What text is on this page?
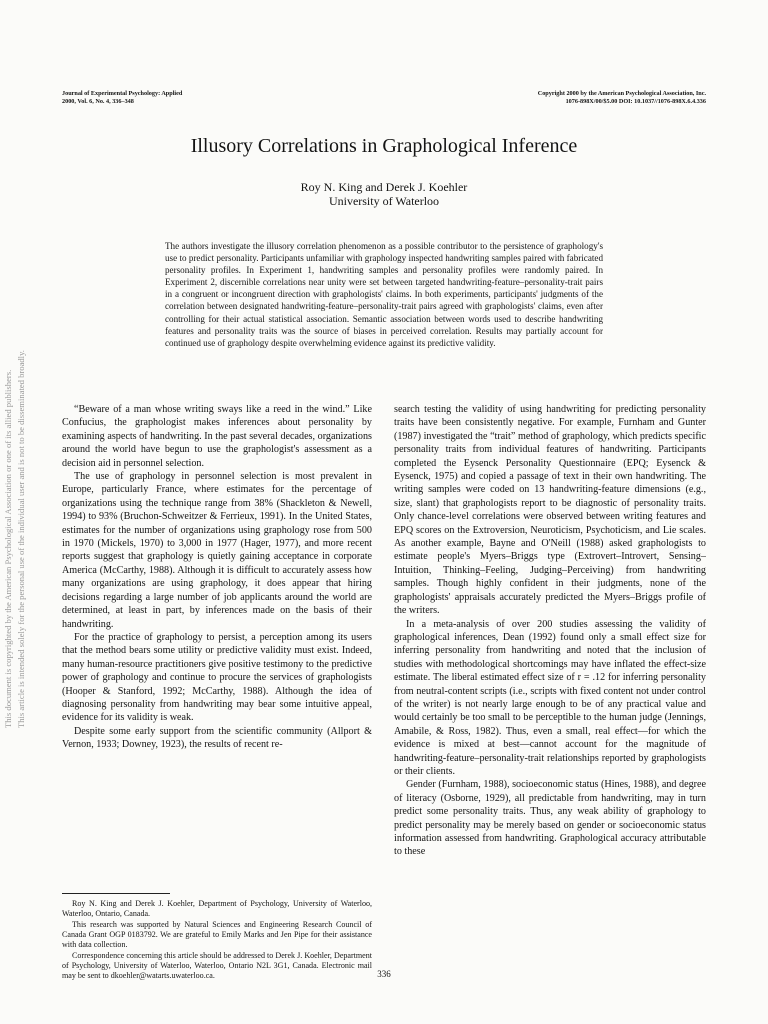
Journal of Experimental Psychology: Applied
2000, Vol. 6, No. 4, 336–348
Copyright 2000 by the American Psychological Association, Inc.
1076-898X/00/$5.00 DOI: 10.1037//1076-898X.6.4.336
Illusory Correlations in Graphological Inference
Roy N. King and Derek J. Koehler
University of Waterloo
The authors investigate the illusory correlation phenomenon as a possible contributor to the persistence of graphology's use to predict personality. Participants unfamiliar with graphology inspected handwriting samples paired with fabricated personality profiles. In Experiment 1, handwriting samples and personality profiles were randomly paired. In Experiment 2, discernible correlations near unity were set between targeted handwriting-feature–personality-trait pairs in a congruent or incongruent direction with graphologists' claims. In both experiments, participants' judgments of the correlation between designated handwriting-feature–personality-trait pairs agreed with graphologists' claims, even after controlling for their actual statistical association. Semantic association between words used to describe handwriting features and personality traits was the source of biases in perceived correlation. Results may partially account for continued use of graphology despite overwhelming evidence against its predictive validity.

“Beware of a man whose writing sways like a reed in the wind.” Like Confucius, the graphologist makes inferences about personality by examining aspects of handwriting. In the past several decades, organizations around the world have begun to use the graphologist's assessment as a decision aid in personnel selection.

The use of graphology in personnel selection is most prevalent in Europe, particularly France, where estimates for the percentage of organizations using the technique range from 38% (Shackleton & Newell, 1994) to 93% (Bruchon-Schweitzer & Ferrieux, 1991). In the United States, estimates for the number of organizations using graphology rose from 500 in 1970 (Mickels, 1970) to 3,000 in 1977 (Hager, 1977), and more recent reports suggest that graphology is quietly gaining acceptance in corporate America (McCarthy, 1988). Although it is difficult to accurately assess how many organizations are using graphology, it does appear that hiring decisions regarding a large number of job applicants around the world are determined, at least in part, by inferences made on the basis of their handwriting.

For the practice of graphology to persist, a perception among its users that the method bears some utility or predictive validity must exist. Indeed, many human-resource practitioners give positive testimony to the predictive power of graphology and continue to procure the services of graphologists (Hooper & Stanford, 1992; McCarthy, 1988). Although the idea of diagnosing personality from handwriting may bear some intuitive appeal, evidence for its validity is weak.

Despite some early support from the scientific community (Allport & Vernon, 1933; Downey, 1923), the results of recent re-

search testing the validity of using handwriting for predicting personality traits have been consistently negative. For example, Furnham and Gunter (1987) investigated the “trait” method of graphology, which predicts specific personality traits from individual features of handwriting. Participants completed the Eysenck Personality Questionnaire (EPQ; Eysenck & Eysenck, 1975) and copied a passage of text in their own handwriting. The writing samples were coded on 13 handwriting-feature dimensions (e.g., size, slant) that graphologists report to be diagnostic of personality traits. Only chance-level correlations were observed between writing features and EPQ scores on the Extroversion, Neuroticism, Psychoticism, and Lie scales. As another example, Bayne and O'Neill (1988) asked graphologists to estimate people's Myers–Briggs type (Extrovert–Introvert, Sensing–Intuition, Thinking–Feeling, Judging–Perceiving) from handwriting samples. Though highly confident in their judgments, none of the graphologists' appraisals accurately predicted the Myers–Briggs profile of the writers.

In a meta-analysis of over 200 studies assessing the validity of graphological inferences, Dean (1992) found only a small effect size for inferring personality from handwriting and noted that the inclusion of studies with methodological shortcomings may have inflated the effect-size estimate. The liberal estimated effect size of r = .12 for inferring personality from neutral-content scripts (i.e., scripts with fixed content not under control of the writer) is not nearly large enough to be of any practical value and would certainly be too small to be perceptible to the human judge (Jennings, Amabile, & Ross, 1982). Thus, even a small, real effect—for which the evidence is mixed at best—cannot account for the magnitude of handwriting-feature–personality-trait relationships reported by graphologists or their clients.

Gender (Furnham, 1988), socioeconomic status (Hines, 1988), and degree of literacy (Osborne, 1929), all predictable from handwriting, may in turn predict some personality traits. Thus, any weak ability of graphology to predict personality may be merely based on gender or socioeconomic status information assessed from handwriting. Graphological accuracy attributable to these

Roy N. King and Derek J. Koehler, Department of Psychology, University of Waterloo, Waterloo, Ontario, Canada.

This research was supported by Natural Sciences and Engineering Research Council of Canada Grant OGP 0183792. We are grateful to Emily Marks and Jen Pipe for their assistance with data collection.

Correspondence concerning this article should be addressed to Derek J. Koehler, Department of Psychology, University of Waterloo, Waterloo, Ontario N2L 3G1, Canada. Electronic mail may be sent to dkoehler@watarts.uwaterloo.ca.	336
This document is copyrighted by the American Psychological Association or one of its allied publishers. This article is intended solely for the personal use of the individual user and is not to be disseminated broadly.
